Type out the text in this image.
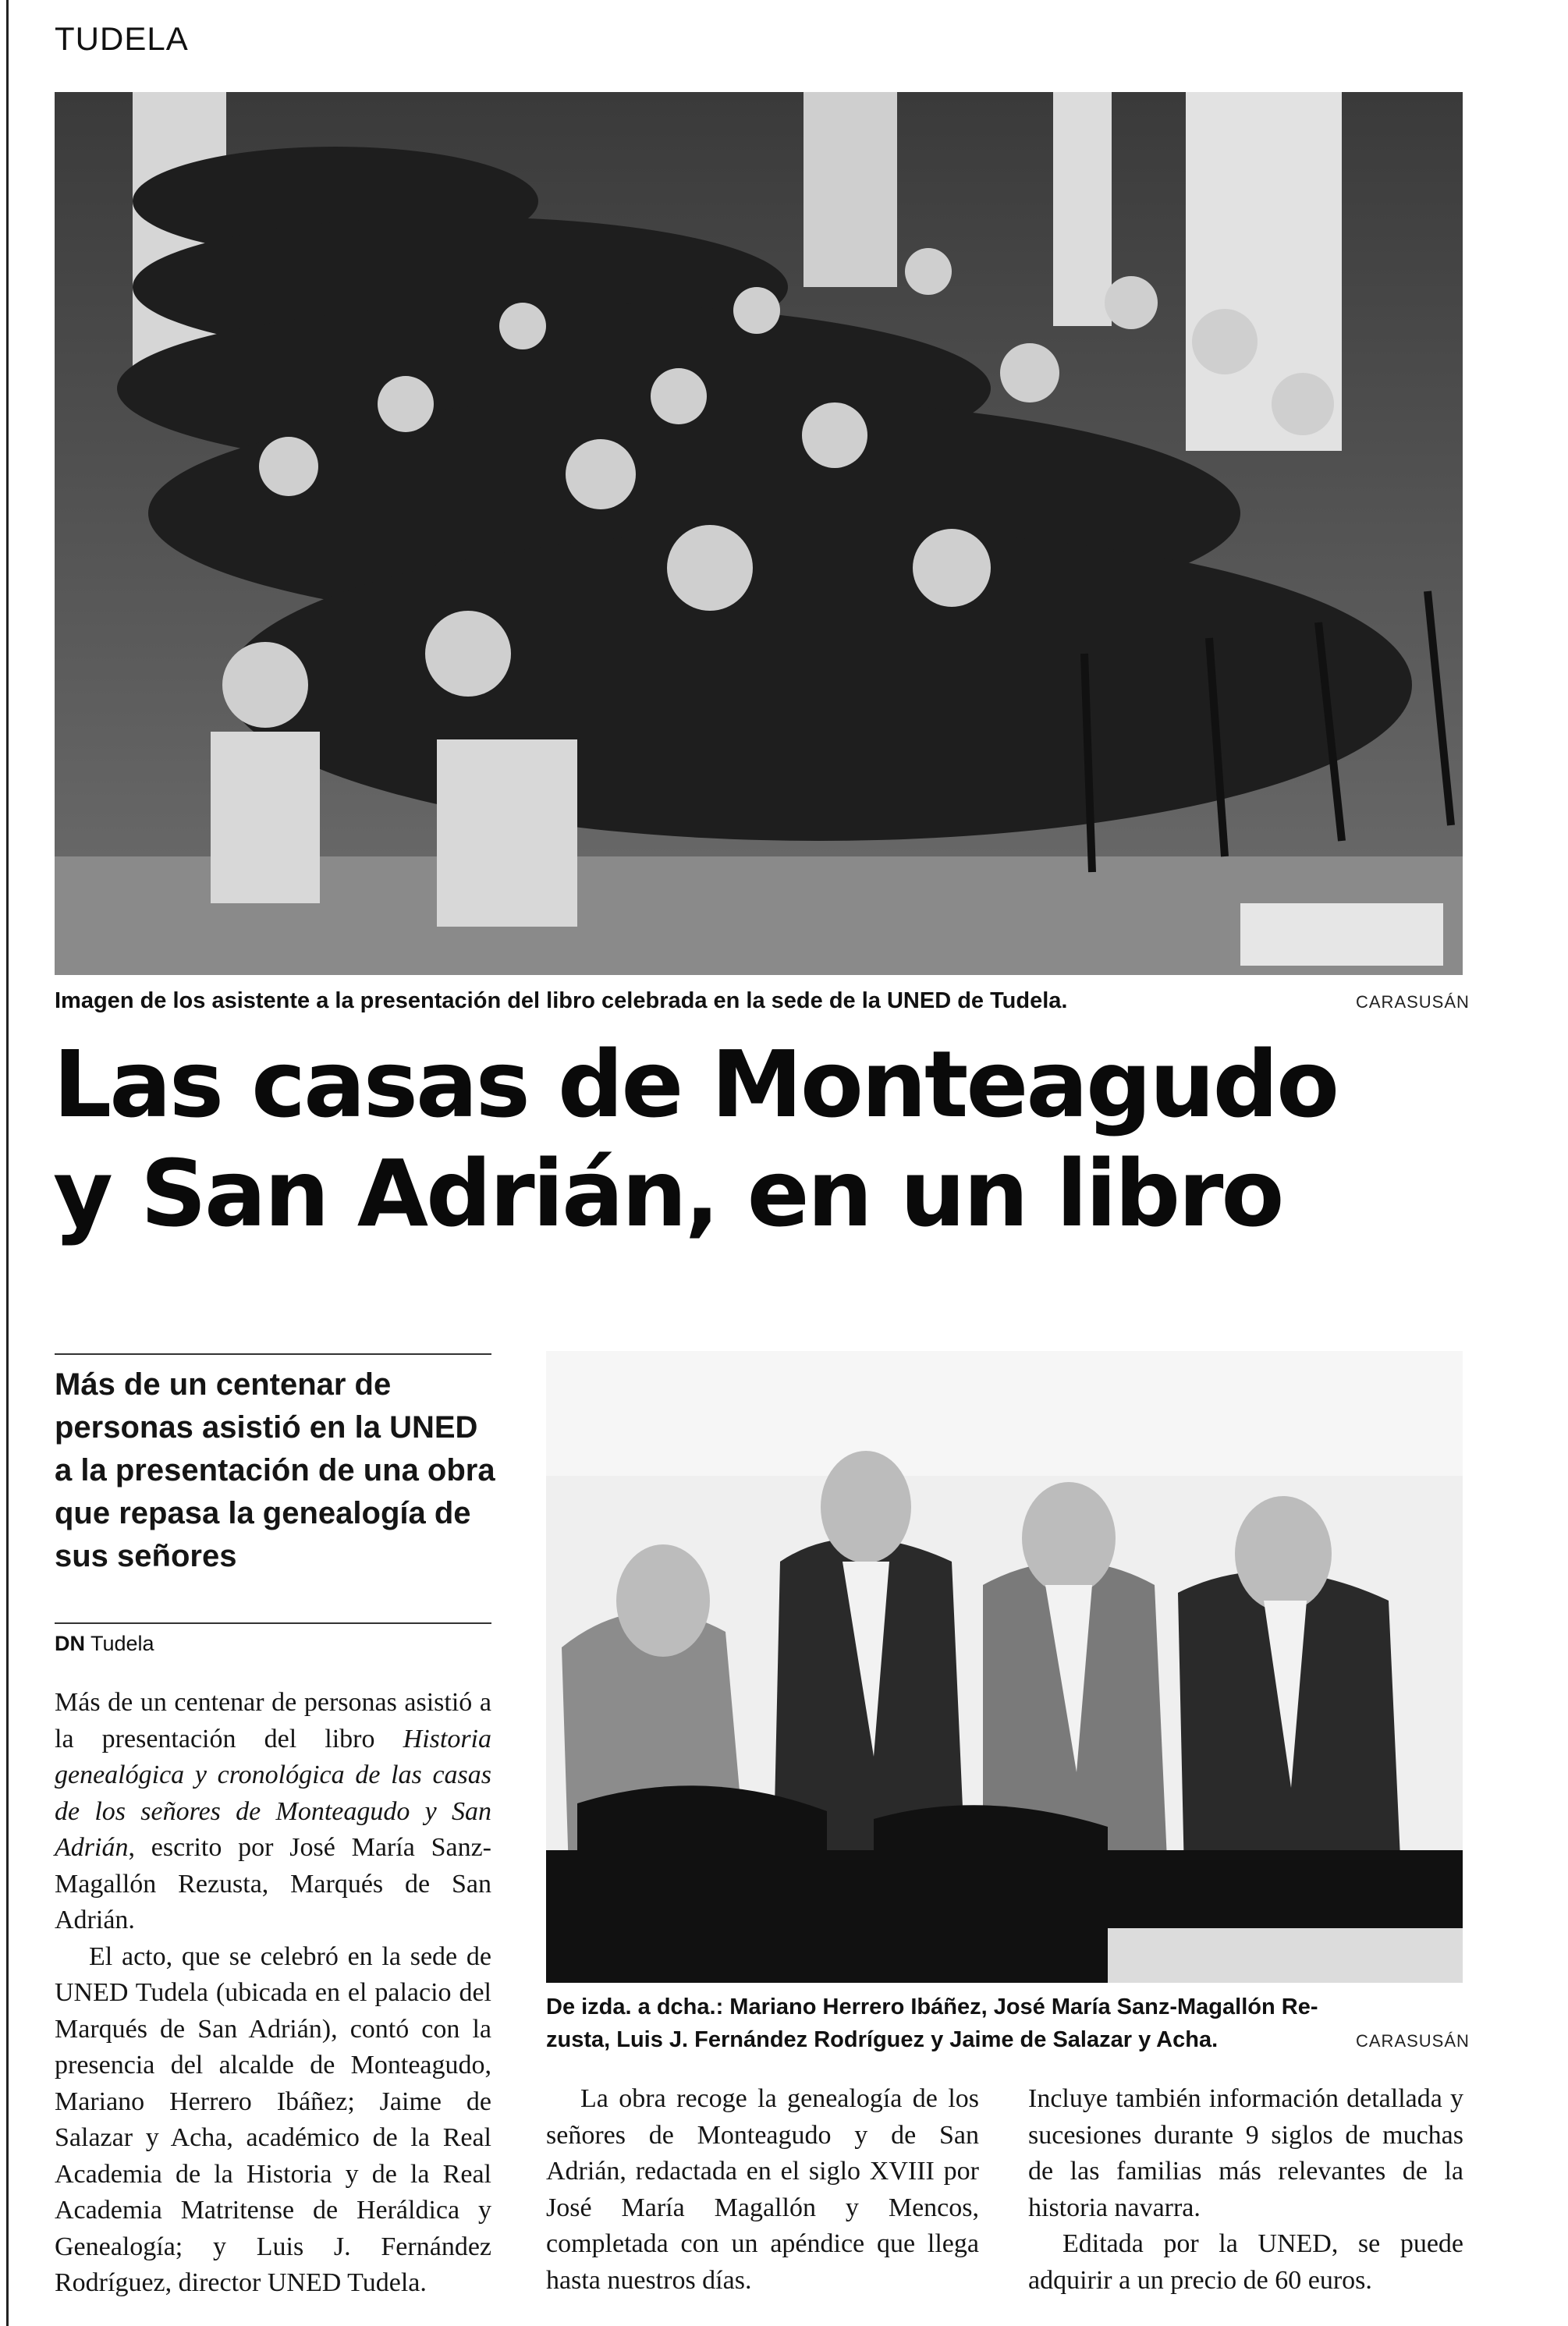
TUDELA
Imagen de los asistente a la presentación del libro celebrada en la sede de la UNED de Tudela.	CARASUSÁN
Las casas de Monteagudo
y San Adrián, en un libro
Más de un centenar de personas asistió en la UNED a la presentación de una obra que repasa la genealogía de sus señores
DN Tudela
De izda. a dcha.: Mariano Herrero Ibáñez, José María Sanz-Magallón Re-
zusta, Luis J. Fernández Rodríguez y Jaime de Salazar y Acha.	CARASUSÁN

Más de un centenar de personas asistió a la presentación del libro Historia genealógica y cronológica de las casas de los señores de Monteagudo y San Adrián, escrito por José María Sanz-Magallón Rezusta, Marqués de San Adrián.

El acto, que se celebró en la sede de UNED Tudela (ubicada en el palacio del Marqués de San Adrián), contó con la presencia del alcalde de Monteagudo, Mariano Herrero Ibáñez; Jaime de Salazar y Acha, académico de la Real Academia de la Historia y de la Real Academia Matritense de Heráldica y Genealogía; y Luis J. Fernández Rodríguez, director UNED Tudela.

La obra recoge la genealogía de los señores de Monteagudo y de San Adrián, redactada en el siglo XVIII por José María Magallón y Mencos, completada con un apéndice que llega hasta nuestros días.

Incluye también información detallada y sucesiones durante 9 siglos de muchas de las familias más relevantes de la historia navarra.

Editada por la UNED, se puede adquirir a un precio de 60 euros.
